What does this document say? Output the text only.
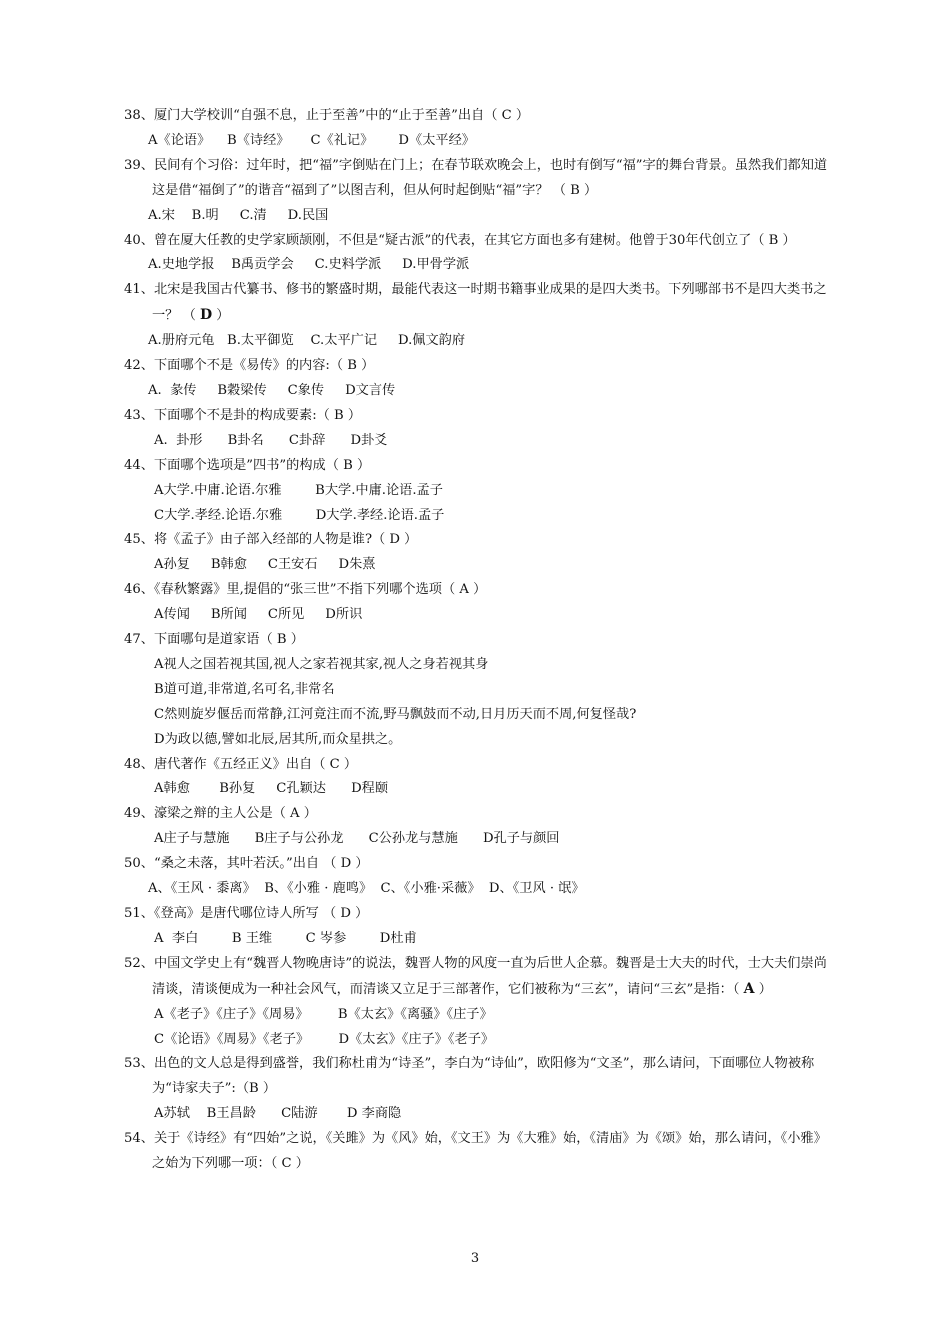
38、厦门大学校训“自强不息，止于至善”中的“止于至善”出自（ C ）

A《论语》    B《诗经》     C《礼记》      D《太平经》

39、民间有个习俗：过年时，把“福”字倒贴在门上；在春节联欢晚会上，也时有倒写“福”字的舞台背景。虽然我们都知道这是借“福倒了”的谐音“福到了”以图吉利，但从何时起倒贴“福”字？ （ B ）

A.宋    B.明     C.清     D.民国

40、曾在厦大任教的史学家顾颉刚，不但是“疑古派”的代表，在其它方面也多有建树。他曾于30年代创立了（ B ）

A.史地学报    B禹贡学会     C.史料学派     D.甲骨学派

41、北宋是我国古代纂书、修书的繁盛时期，最能代表这一时期书籍事业成果的是四大类书。下列哪部书不是四大类书之一？ （ D ）

A.册府元龟   B.太平御览    C.太平广记     D.佩文韵府

42、下面哪个不是《易传》的内容:（ B ）

A.  彖传     B穀梁传     C象传     D文言传

43、下面哪个不是卦的构成要素:（ B ）

A.  卦形      B卦名      C卦辞      D卦爻

44、下面哪个选项是”四书”的构成（ B ）

A大学.中庸.论语.尔雅        B大学.中庸.论语.孟子

C大学.孝经.论语.尔雅        D大学.孝经.论语.孟子

45、将《孟子》由子部入经部的人物是谁?（ D ）

A孙复     B韩愈     C王安石     D朱熹

46、《春秋繁露》里,提倡的“张三世”不指下列哪个选项（ A ）

A传闻     B所闻     C所见     D所识

47、下面哪句是道家语（ B ）

A视人之国若视其国,视人之家若视其家,视人之身若视其身

B道可道,非常道,名可名,非常名

C然则旋岁偃岳而常静,江河竟注而不流,野马飘鼓而不动,日月历天而不周,何复怪哉?

D为政以德,譬如北辰,居其所,而众星拱之。

48、唐代著作《五经正义》出自（ C ）

A韩愈       B孙复     C孔颖达      D程颐

49、濠梁之辩的主人公是（ A ）

A庄子与慧施      B庄子与公孙龙      C公孙龙与慧施      D孔子与颜回

50、“桑之未落，其叶若沃。”出自 （ D ）

A、《王风 · 黍离》  B、《小雅 · 鹿鸣》  C、《小雅·采薇》  D、《卫风 · 氓》

51、《登高》是唐代哪位诗人所写 （ D ）

A  李白        B 王维        C 岑参        D杜甫

52、中国文学史上有“魏晋人物晚唐诗”的说法，魏晋人物的风度一直为后世人企慕。魏晋是士大夫的时代，士大夫们崇尚清谈，清谈便成为一种社会风气，而清谈又立足于三部著作，它们被称为“三玄”，请问“三玄”是指：（ A ）

A《老子》《庄子》《周易》       B《太玄》《离骚》《庄子》

C《论语》《周易》《老子》       D《太玄》《庄子》《老子》

53、出色的文人总是得到盛誉，我们称杜甫为“诗圣”，李白为“诗仙”，欧阳修为“文圣”，那么请问，下面哪位人物被称为“诗家夫子”:（B ）

A苏轼    B王昌龄      C陆游       D 李商隐

54、关于《诗经》有“四始”之说，《关雎》为《风》始，《文王》为《大雅》始，《清庙》为《颂》始，那么请问，《小雅》之始为下列哪一项：（ C ）

3
